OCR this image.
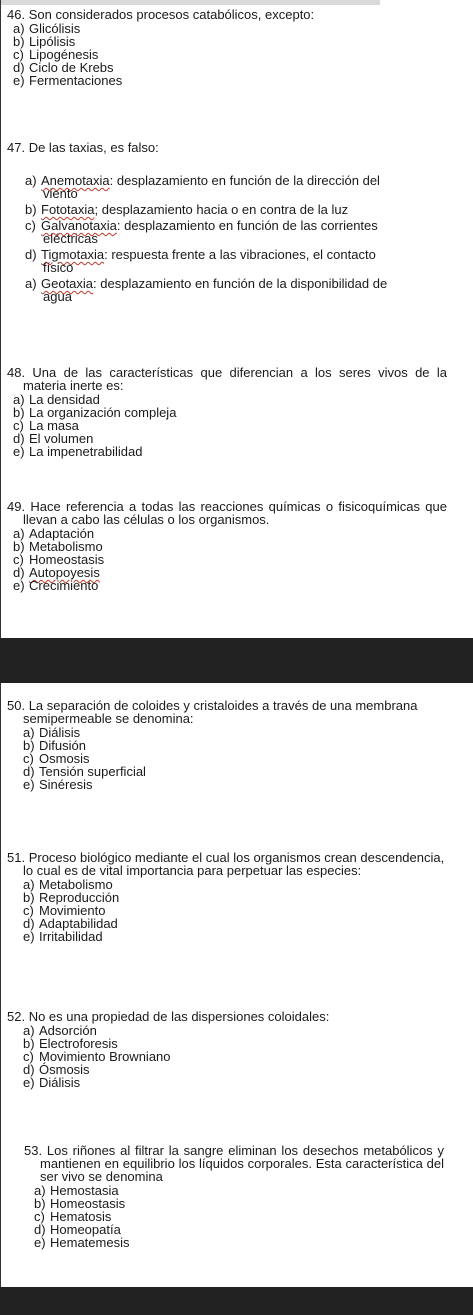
46. Son considerados procesos catabólicos, excepto:
a) Glicólisis
b) Lipólisis
c) Lipogénesis
d) Ciclo de Krebs
e) Fermentaciones
47. De las taxias, es falso:
a) Anemotaxia: desplazamiento en función de la dirección del viento
b) Fototaxia; desplazamiento hacia o en contra de la luz
c) Galvanotaxia: desplazamiento en función de las corrientes eléctricas
d) Tigmotaxia: respuesta frente a las vibraciones, el contacto físico
a) Geotaxia: desplazamiento en función de la disponibilidad de agua
48. Una de las características que diferencian a los seres vivos de la materia inerte es:
a) La densidad
b) La organización compleja
c) La masa
d) El volumen
e) La impenetrabilidad
49. Hace referencia a todas las reacciones químicas o fisicoquímicas que llevan a cabo las células o los organismos.
a) Adaptación
b) Metabolismo
c) Homeostasis
d) Autopoyesis
e) Crecimiento
50. La separación de coloides y cristaloides a través de una membrana semipermeable se denomina:
a) Diálisis
b) Difusión
c) Osmosis
d) Tensión superficial
e) Sinéresis
51. Proceso biológico mediante el cual los organismos crean descendencia, lo cual es de vital importancia para perpetuar las especies:
a) Metabolismo
b) Reproducción
c) Movimiento
d) Adaptabilidad
e) Irritabilidad
52. No es una propiedad de las dispersiones coloidales:
a) Adsorción
b) Electroforesis
c) Movimiento Browniano
d) Ósmosis
e) Diálisis
53. Los riñones al filtrar la sangre eliminan los desechos metabólicos y mantienen en equilibrio los líquidos corporales. Esta característica del ser vivo se denomina
a) Hemostasia
b) Homeostasis
c) Hematosis
d) Homeopatía
e) Hematemesis
